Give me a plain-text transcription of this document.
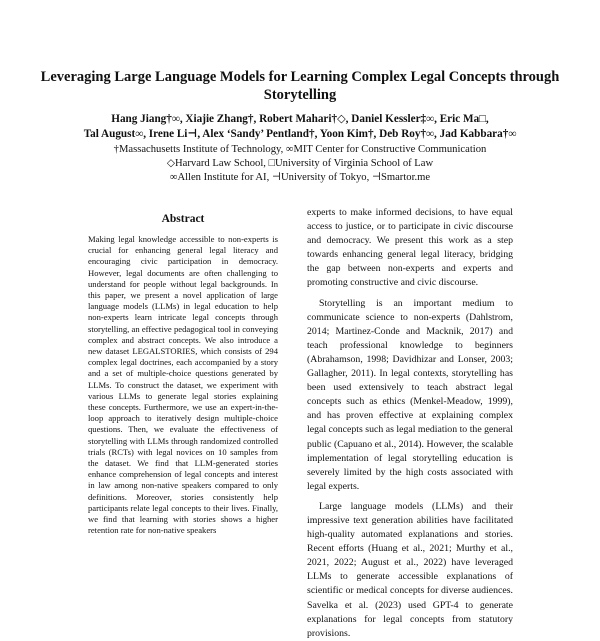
Leveraging Large Language Models for Learning Complex Legal Concepts through Storytelling
Hang Jiang†∞, Xiajie Zhang†, Robert Mahari†◇, Daniel Kessler‡∞, Eric Ma□,
Tal August∞, Irene Li⊣, Alex ‘Sandy’ Pentland†, Yoon Kim†, Deb Roy†∞, Jad Kabbara†∞
†Massachusetts Institute of Technology, ∞MIT Center for Constructive Communication
◇Harvard Law School, □University of Virginia School of Law
∞Allen Institute for AI, ⊣University of Tokyo, ⊣Smartor.me
Abstract

Making legal knowledge accessible to non-experts is crucial for enhancing general legal literacy and encouraging civic participation in democracy. However, legal documents are often challenging to understand for people without legal backgrounds. In this paper, we present a novel application of large language models (LLMs) in legal education to help non-experts learn intricate legal concepts through storytelling, an effective pedagogical tool in conveying complex and abstract concepts. We also introduce a new dataset LEGALSTORIES, which consists of 294 complex legal doctrines, each accompanied by a story and a set of multiple-choice questions generated by LLMs. To construct the dataset, we experiment with various LLMs to generate legal stories explaining these concepts. Furthermore, we use an expert-in-the-loop approach to iteratively design multiple-choice questions. Then, we evaluate the effectiveness of storytelling with LLMs through randomized controlled trials (RCTs) with legal novices on 10 samples from the dataset. We find that LLM-generated stories enhance comprehension of legal concepts and interest in law among non-native speakers compared to only definitions. Moreover, stories consistently help participants relate legal concepts to their lives. Finally, we find that learning with stories shows a higher retention rate for non-native speakers

experts to make informed decisions, to have equal access to justice, or to participate in civic discourse and democracy. We present this work as a step towards enhancing general legal literacy, bridging the gap between non-experts and experts and promoting constructive and civic discourse.

Storytelling is an important medium to communicate science to non-experts (Dahlstrom, 2014; Martinez-Conde and Macknik, 2017) and teach professional knowledge to beginners (Abrahamson, 1998; Davidhizar and Lonser, 2003; Gallagher, 2011). In legal contexts, storytelling has been used extensively to teach abstract legal concepts such as ethics (Menkel-Meadow, 1999), and has proven effective at explaining complex legal concepts such as legal mediation to the general public (Capuano et al., 2014). However, the scalable implementation of legal storytelling education is severely limited by the high costs associated with legal experts.

Large language models (LLMs) and their impressive text generation abilities have facilitated high-quality automated explanations and stories. Recent efforts (Huang et al., 2021; Murthy et al., 2021, 2022; August et al., 2022) have leveraged LLMs to generate accessible explanations of scientific or medical concepts for diverse audiences. Savelka et al. (2023) used GPT-4 to generate explanations for legal concepts from statutory provisions.
